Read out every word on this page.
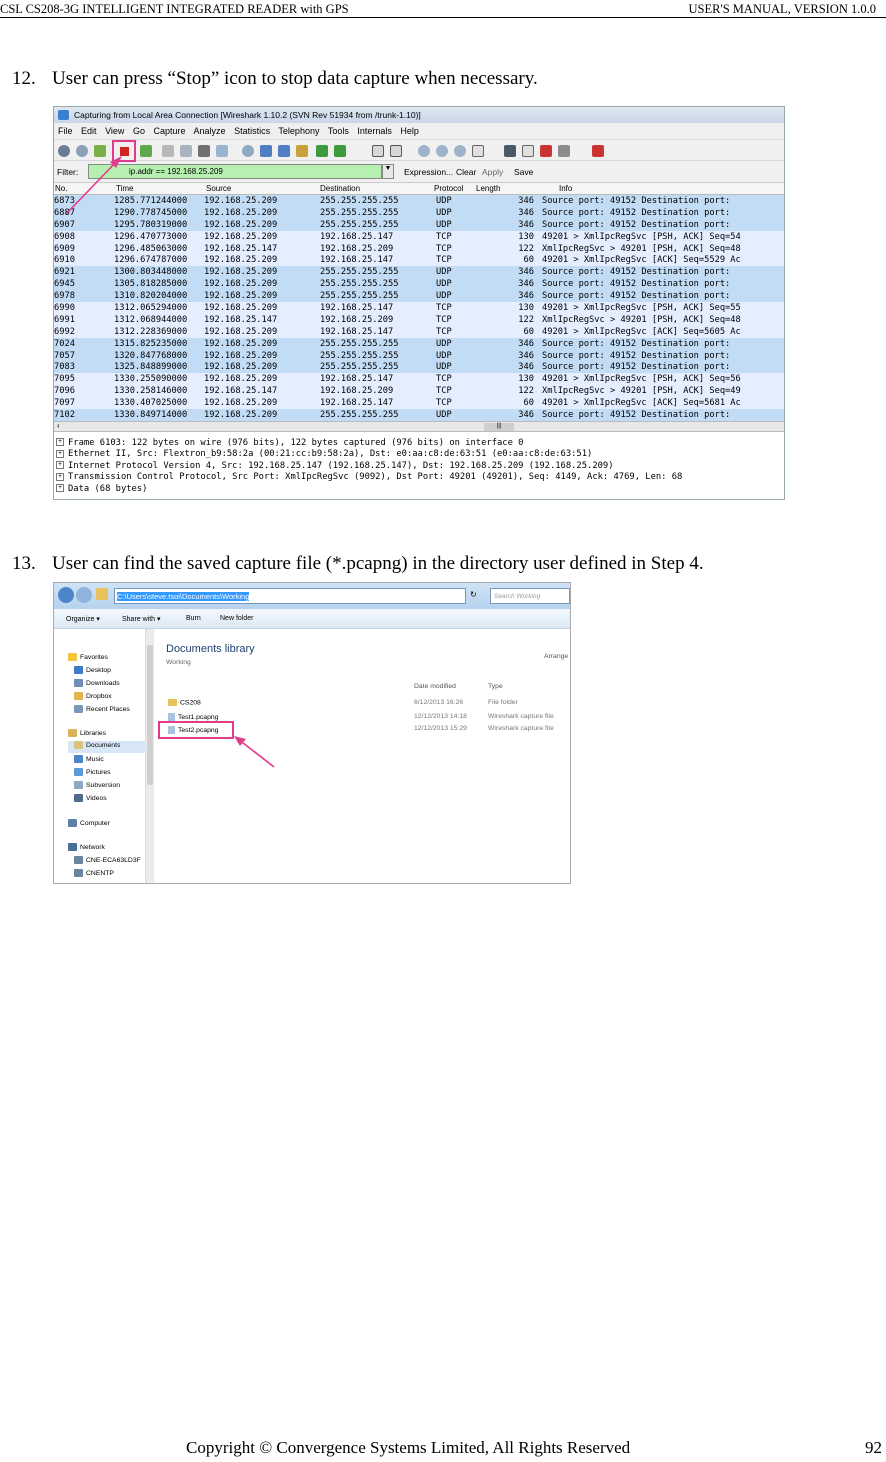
CSL CS208-3G INTELLIGENT INTEGRATED READER with GPS	USER'S MANUAL, VERSION 1.0.0
12. User can press “Stop” icon to stop data capture when necessary.
Capturing from Local Area Connection [Wireshark 1.10.2 (SVN Rev 51934 from /trunk-1.10)]
File Edit View Go Capture Analyze Statistics Telephony Tools Internals Help
Filter:	ip.addr == 192.168.25.209	▼ Expression... Clear Apply Save
No.	Time	Source	Destination	Protocol Length	Info
6873	1285.771244000	192.168.25.209	255.255.255.255	UDP	346	Source port: 49152 Destination port:
6887	1290.778745000	192.168.25.209	255.255.255.255	UDP	346	Source port: 49152 Destination port:
6907	1295.780319000	192.168.25.209	255.255.255.255	UDP	346	Source port: 49152 Destination port:
6908	1296.470773000	192.168.25.209	192.168.25.147	TCP	130	49201 > XmlIpcRegSvc [PSH, ACK] Seq=54
6909	1296.485063000	192.168.25.147	192.168.25.209	TCP	122	XmlIpcRegSvc > 49201 [PSH, ACK] Seq=48
6910	1296.674787000	192.168.25.209	192.168.25.147	TCP	60	49201 > XmlIpcRegSvc [ACK] Seq=5529 Ac
6921	1300.803448000	192.168.25.209	255.255.255.255	UDP	346	Source port: 49152 Destination port:
6945	1305.818285000	192.168.25.209	255.255.255.255	UDP	346	Source port: 49152 Destination port:
6978	1310.820204000	192.168.25.209	255.255.255.255	UDP	346	Source port: 49152 Destination port:
6990	1312.065294000	192.168.25.209	192.168.25.147	TCP	130	49201 > XmlIpcRegSvc [PSH, ACK] Seq=55
6991	1312.068944000	192.168.25.147	192.168.25.209	TCP	122	XmlIpcRegSvc > 49201 [PSH, ACK] Seq=48
6992	1312.228369000	192.168.25.209	192.168.25.147	TCP	60	49201 > XmlIpcRegSvc [ACK] Seq=5605 Ac
7024	1315.825235000	192.168.25.209	255.255.255.255	UDP	346	Source port: 49152 Destination port:
7057	1320.847768000	192.168.25.209	255.255.255.255	UDP	346	Source port: 49152 Destination port:
7083	1325.848899000	192.168.25.209	255.255.255.255	UDP	346	Source port: 49152 Destination port:
7095	1330.255090000	192.168.25.209	192.168.25.147	TCP	130	49201 > XmlIpcRegSvc [PSH, ACK] Seq=56
7096	1330.258146000	192.168.25.147	192.168.25.209	TCP	122	XmlIpcRegSvc > 49201 [PSH, ACK] Seq=49
7097	1330.407025000	192.168.25.209	192.168.25.147	TCP	60	49201 > XmlIpcRegSvc [ACK] Seq=5681 Ac
7102	1330.849714000	192.168.25.209	255.255.255.255	UDP	346	Source port: 49152 Destination port:
‹	|||
+ Frame 6103: 122 bytes on wire (976 bits), 122 bytes captured (976 bits) on interface 0
+ Ethernet II, Src: Flextron_b9:58:2a (00:21:cc:b9:58:2a), Dst: e0:aa:c8:de:63:51 (e0:aa:c8:de:63:51)
+ Internet Protocol Version 4, Src: 192.168.25.147 (192.168.25.147), Dst: 192.168.25.209 (192.168.25.209)
+ Transmission Control Protocol, Src Port: XmlIpcRegSvc (9092), Dst Port: 49201 (49201), Seq: 4149, Ack: 4769, Len: 68
+ Data (68 bytes)
13. User can find the saved capture file (*.pcapng) in the directory user defined in Step 4.
C:\Users\steve.tsoi\Documents\Working	↻	Search Working
Organize ▾	Share with ▾	Burn	New folder
Favorites
Desktop
Downloads
Dropbox
Recent Places
Libraries
Documents
Music
Pictures
Subversion
Videos
Computer
Network
CNE-ECA63LD3F
CNENTP
Documents library
Working
Arrange
Date modified	Type
CS208	6/12/2013 16:26	File folder
Test1.pcapng	12/12/2013 14:18	Wireshark capture file
Test2.pcapng	12/12/2013 15:29	Wireshark capture file
Copyright © Convergence Systems Limited, All Rights Reserved	92
